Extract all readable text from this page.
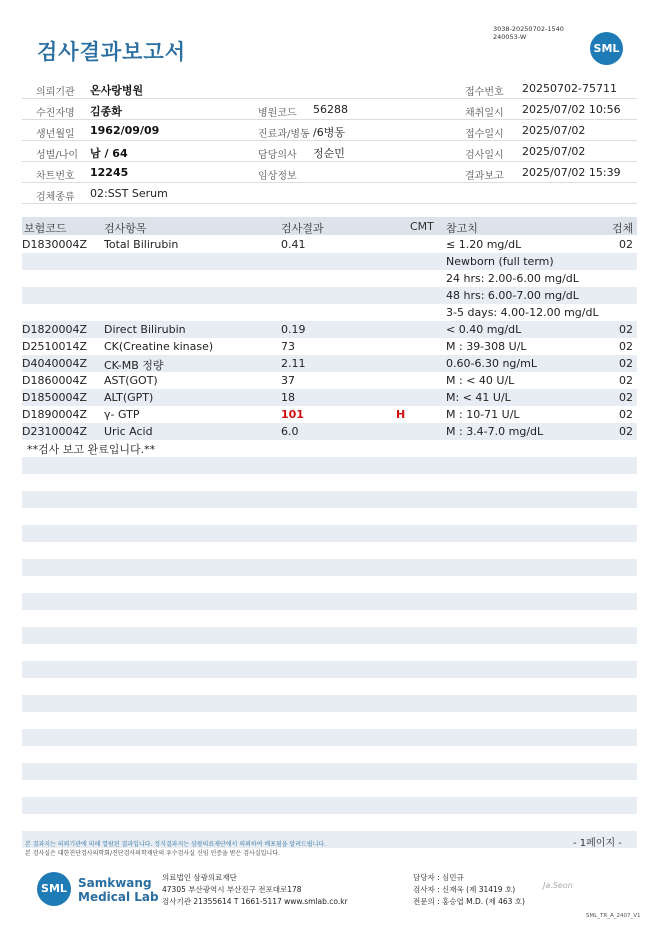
검사결과보고서
3038-20250702-1540
240053-W
SML
의뢰기관 온사랑병원	접수번호 20250702-75711
수진자명 김종화	병원코드 56288	채취일시 2025/07/02 10:56
생년월일 1962/09/09	진료과/병동 /6병동	접수일시 2025/07/02
성별/나이 남 / 64	담당의사 정순민	검사일시 2025/07/02
차트번호 12245	임상정보	결과보고 2025/07/02 15:39
검체종류 02:SST Serum
보험코드	검사항목	검사결과	CMT 참고치	검체
D1830004Z Total Bilirubin	0.41	≤ 1.20 mg/dL	02
Newborn (full term)
24 hrs: 2.00-6.00 mg/dL
48 hrs: 6.00-7.00 mg/dL
3-5 days: 4.00-12.00 mg/dL
D1820004Z Direct Bilirubin	0.19	< 0.40 mg/dL	02
D2510014Z CK(Creatine kinase)	73	M : 39-308 U/L	02
D4040004Z CK-MB 정량	2.11	0.60-6.30 ng/mL	02
D1860004Z AST(GOT)	37	M : < 40 U/L	02
D1850004Z ALT(GPT)	18	M: < 41 U/L	02
D1890004Z γ- GTP	101	H	M : 10-71 U/L	02
D2310004Z Uric Acid	6.0	M : 3.4-7.0 mg/dL	02
**검사 보고 완료입니다.**
본 결과지는 의뢰기관에 의해 열람된 결과입니다. 정식결과지는 삼광의료재단에서 의뢰하여 배포됨을 알려드립니다.
본 검사실은 대한진단검사의학회/진단검사의학재단의 우수검사실 신임 인증을 받은 검사실입니다.
- 1페이지 -
SML Samkwang
Medical Lab
의료법인 삼광의료재단
47305 부산광역시 부산진구 전포대로178
검사기관 21355614 T 1661-5117 www.smlab.co.kr
담당자 : 심민규
검사자 : 신재욱 (제 31419 호)
전문의 : 홍승엽 M.D. (제 463 호)
Ja.Seon
SML_TR_A_2407_V1
